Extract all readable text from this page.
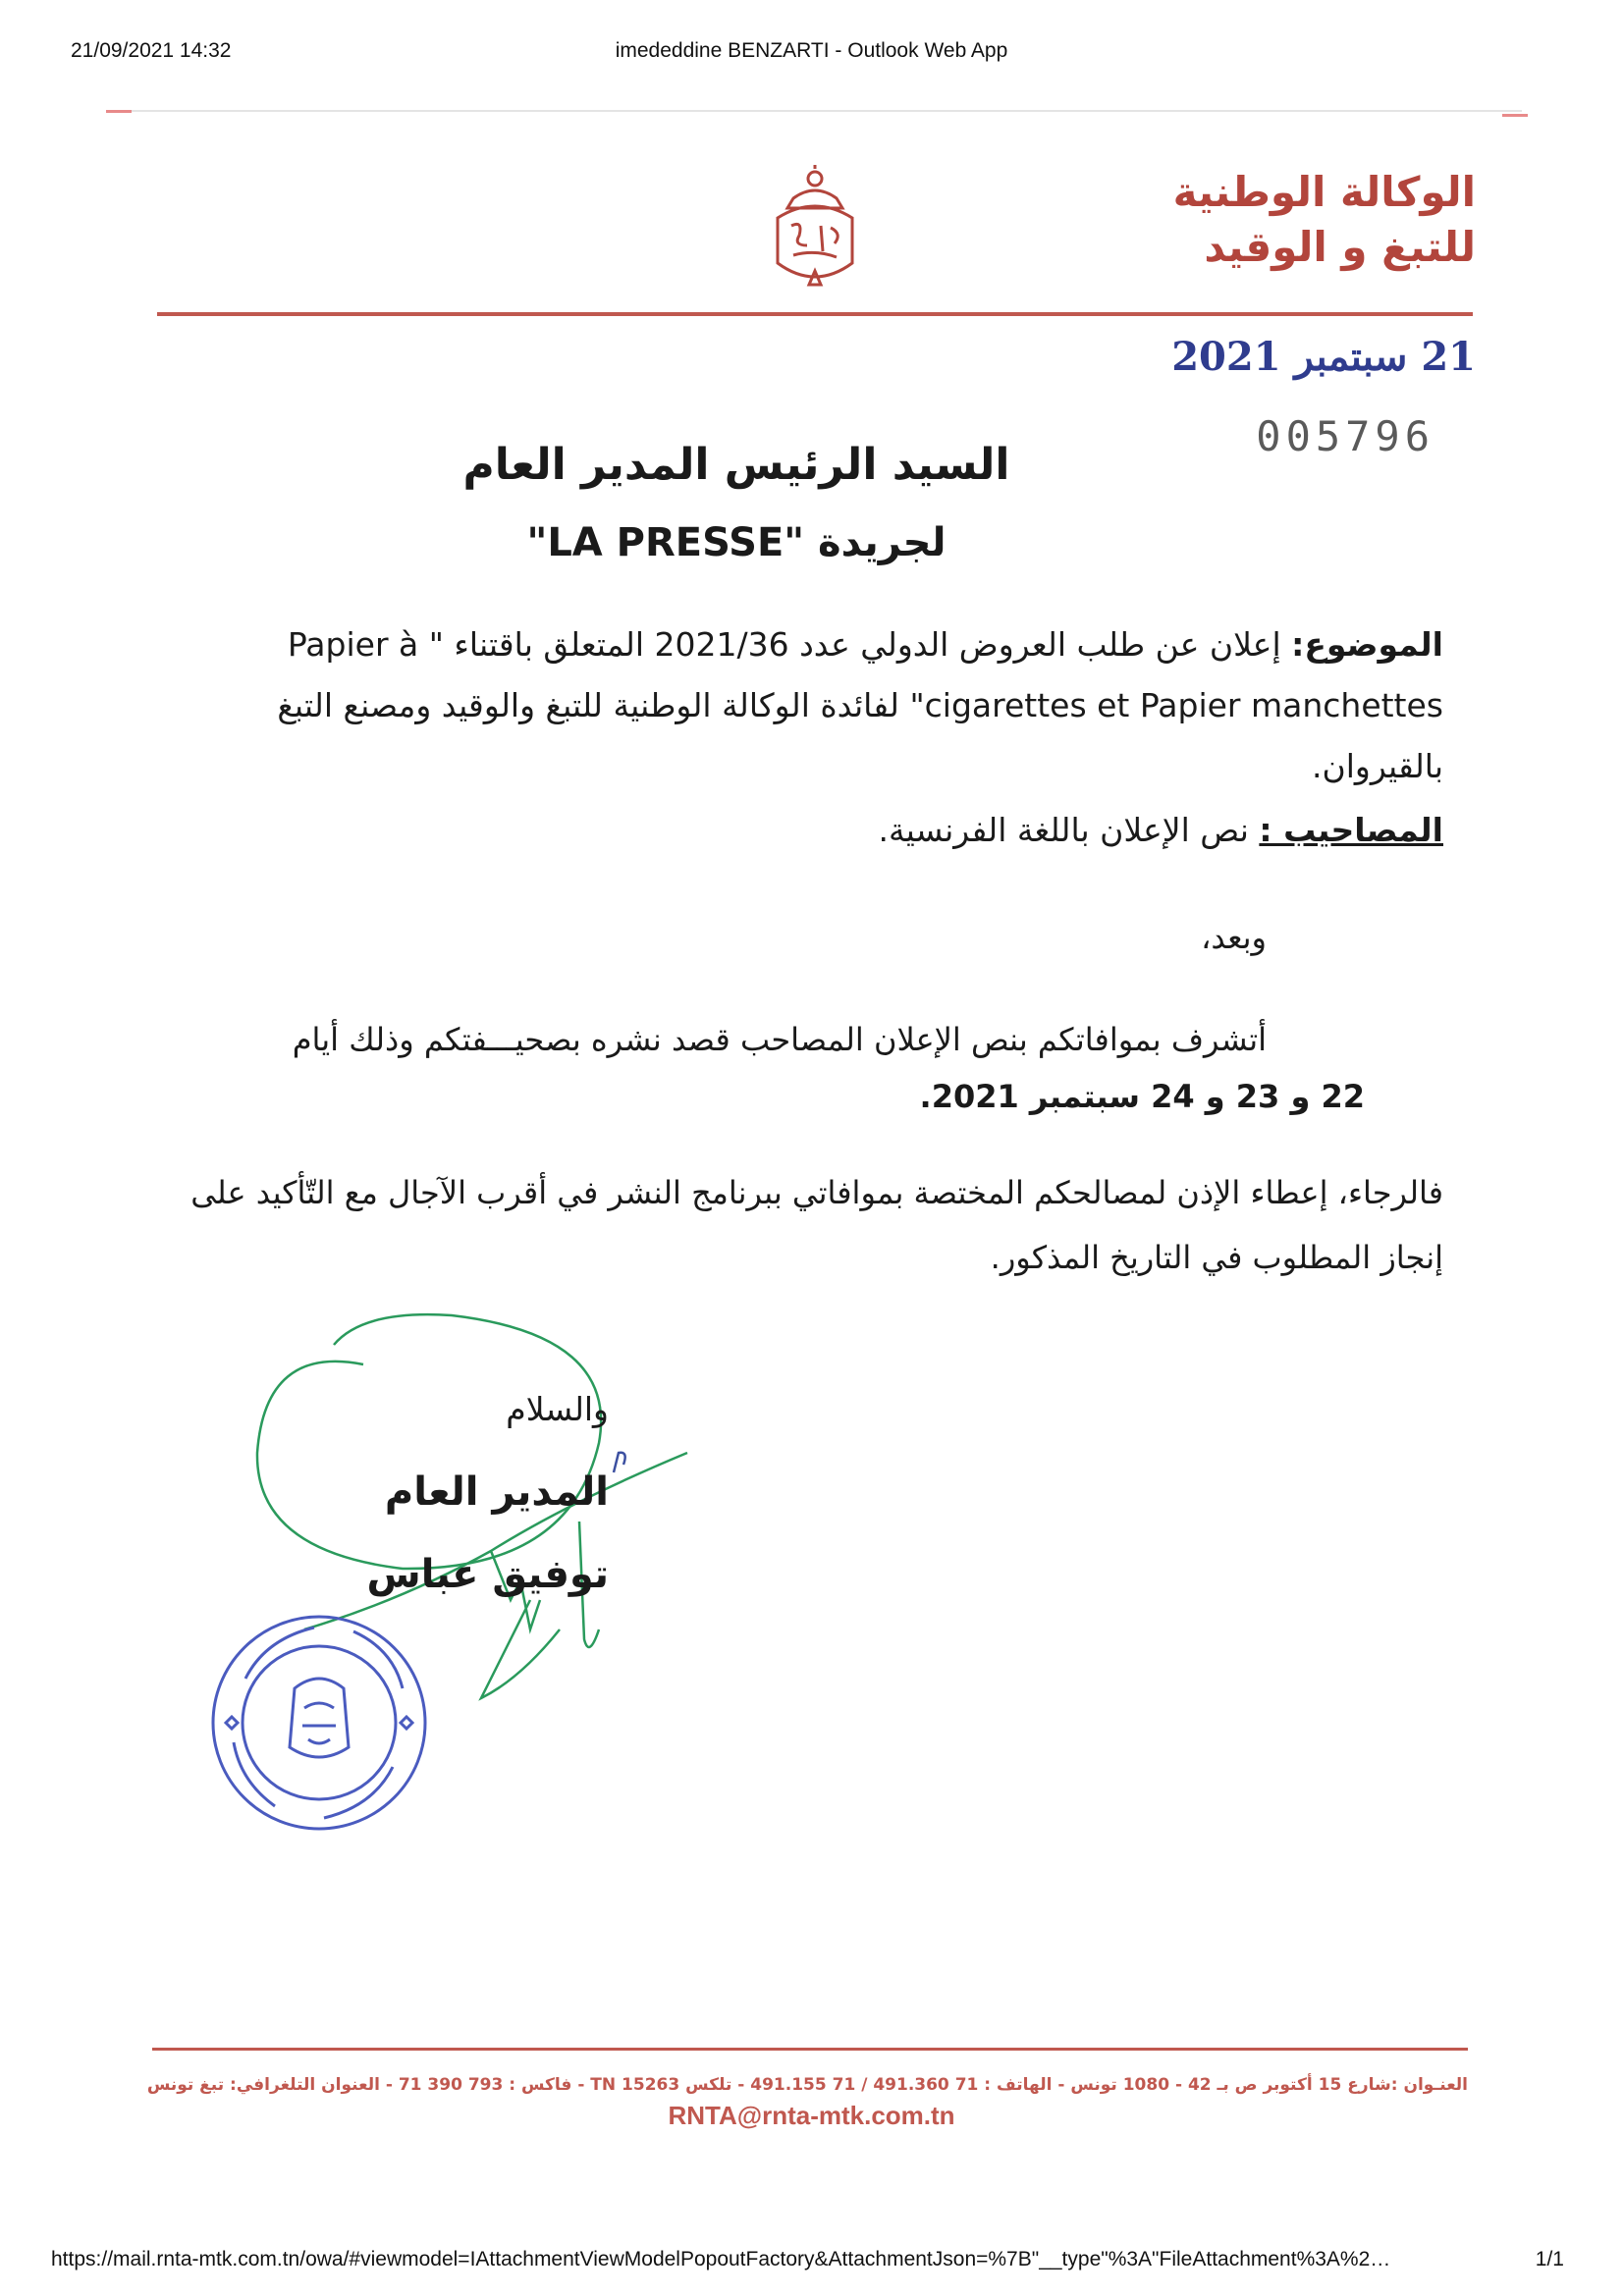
21/09/2021 14:32	imededdine BENZARTI - Outlook Web App
الوكالة الوطنية
للتبغ و الوقيد
21 سبتمبر 2021
005796
السيد الرئيس المدير العام
لجريدة "LA PRESSE"
الموضوع: إعلان عن طلب العروض الدولي عدد 2021/36 المتعلق باقتناء " Papier à cigarettes et Papier manchettes" لفائدة الوكالة الوطنية للتبغ والوقيد ومصنع التبغ بالقيروان.
المصاحيب : نص الإعلان باللغة الفرنسية.
وبعد،
أتشرف بموافاتكم بنص الإعلان المصاحب قصد نشره بصحيـــفتكم وذلك أيام
22 و 23 و 24 سبتمبر 2021.
فالرجاء، إعطاء الإذن لمصالحكم المختصة بموافاتي ببرنامج النشر في أقرب الآجال مع التّأكيد على إنجاز المطلوب في التاريخ المذكور.
والسلام
المدير العام
توفيق عباس
العنـوان :شارع 15 أكتوبر ص بـ 42 - 1080 تونس - الهاتف : 71 491.360 / 71 491.155 - تلكس TN 15263 - فاكس : 793 390 71 - العنوان التلغرافي: تبغ تونس
RNTA@rnta-mtk.com.tn
https://mail.rnta-mtk.com.tn/owa/#viewmodel=IAttachmentViewModelPopoutFactory&AttachmentJson=%7B"__type"%3A"FileAttachment%3A%2…	1/1
